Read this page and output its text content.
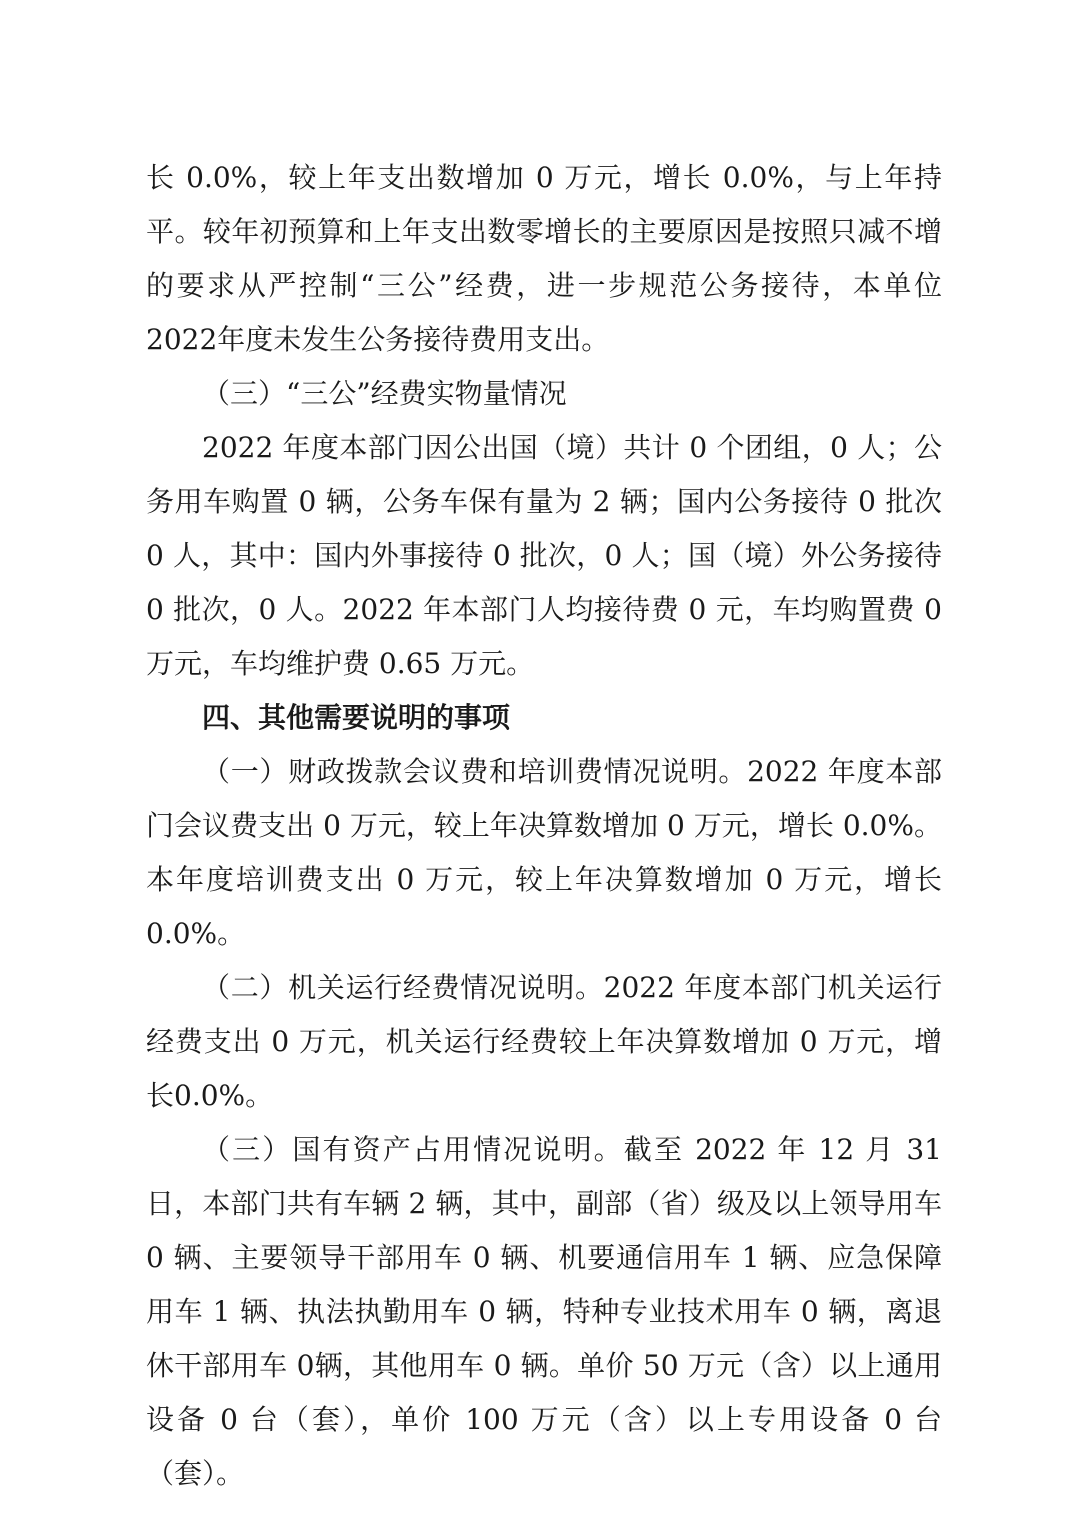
长 0.0%，较上年支出数增加 0 万元，增长 0.0%，与上年持平。较年初预算和上年支出数零增长的主要原因是按照只减不增的要求从严控制“三公”经费，进一步规范公务接待，本单位 2022年度未发生公务接待费用支出。

（三）“三公”经费实物量情况

2022 年度本部门因公出国（境）共计 0 个团组，0 人；公务用车购置 0 辆，公务车保有量为 2 辆；国内公务接待 0 批次 0 人，其中：国内外事接待 0 批次，0 人；国（境）外公务接待 0 批次，0 人。2022 年本部门人均接待费 0 元，车均购置费 0 万元，车均维护费 0.65 万元。

四、其他需要说明的事项

（一）财政拨款会议费和培训费情况说明。2022 年度本部门会议费支出 0 万元，较上年决算数增加 0 万元，增长 0.0%。本年度培训费支出 0 万元，较上年决算数增加 0 万元，增长 0.0%。

（二）机关运行经费情况说明。2022 年度本部门机关运行经费支出 0 万元，机关运行经费较上年决算数增加 0 万元，增长0.0%。

（三）国有资产占用情况说明。截至 2022 年 12 月 31 日，本部门共有车辆 2 辆，其中，副部（省）级及以上领导用车 0 辆、主要领导干部用车 0 辆、机要通信用车 1 辆、应急保障用车 1 辆、执法执勤用车 0 辆，特种专业技术用车 0 辆，离退休干部用车 0辆，其他用车 0 辆。单价 50 万元（含）以上通用设备 0 台（套），单价 100 万元（含）以上专用设备 0 台（套）。
